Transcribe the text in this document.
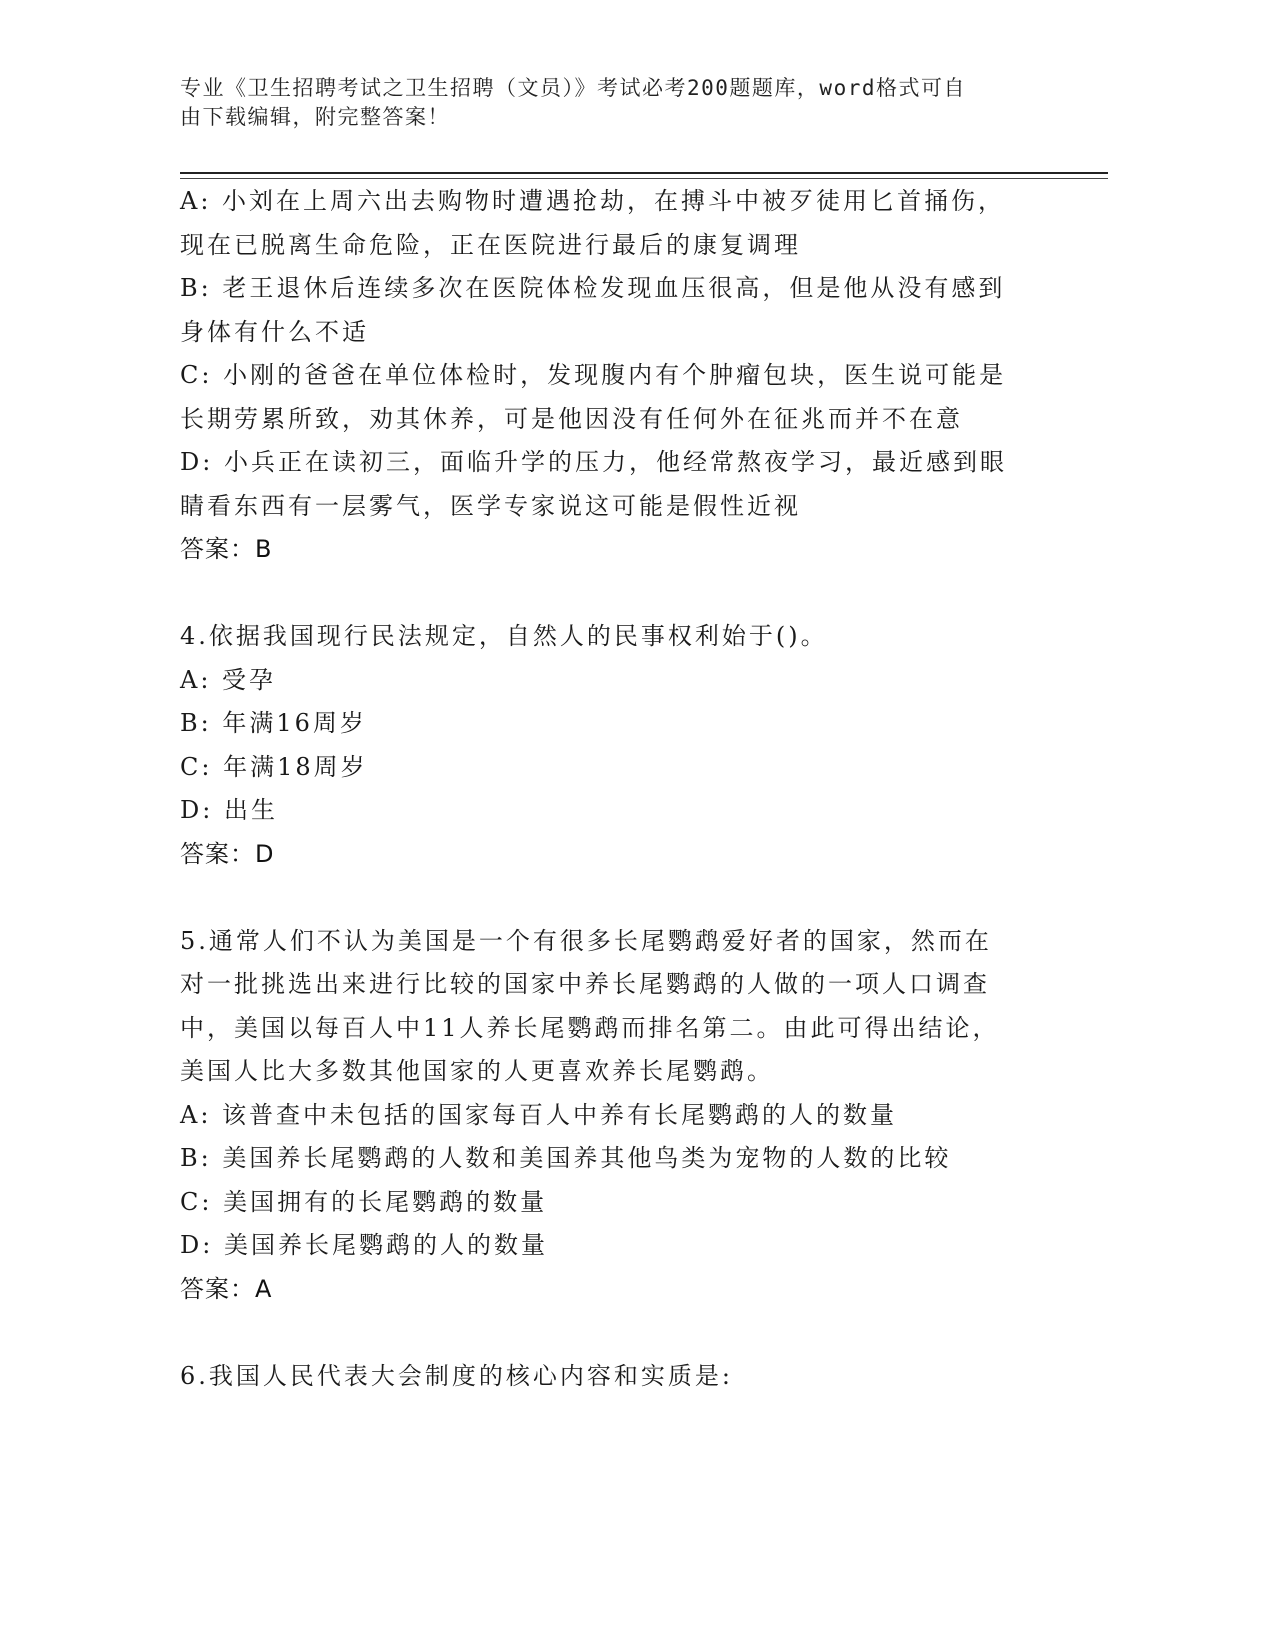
专业《卫生招聘考试之卫生招聘（文员）》考试必考200题题库，word格式可自
由下载编辑，附完整答案！
A: 小刘在上周六出去购物时遭遇抢劫，在搏斗中被歹徒用匕首捅伤，
现在已脱离生命危险，正在医院进行最后的康复调理
B: 老王退休后连续多次在医院体检发现血压很高，但是他从没有感到
身体有什么不适
C: 小刚的爸爸在单位体检时，发现腹内有个肿瘤包块，医生说可能是
长期劳累所致，劝其休养，可是他因没有任何外在征兆而并不在意
D: 小兵正在读初三，面临升学的压力，他经常熬夜学习，最近感到眼
睛看东西有一层雾气，医学专家说这可能是假性近视
答案：B
4.依据我国现行民法规定，自然人的民事权利始于()。
A: 受孕
B: 年满16周岁
C: 年满18周岁
D: 出生
答案：D
5.通常人们不认为美国是一个有很多长尾鹦鹉爱好者的国家，然而在
对一批挑选出来进行比较的国家中养长尾鹦鹉的人做的一项人口调查
中，美国以每百人中11人养长尾鹦鹉而排名第二。由此可得出结论，
美国人比大多数其他国家的人更喜欢养长尾鹦鹉。
A: 该普查中未包括的国家每百人中养有长尾鹦鹉的人的数量
B: 美国养长尾鹦鹉的人数和美国养其他鸟类为宠物的人数的比较
C: 美国拥有的长尾鹦鹉的数量
D: 美国养长尾鹦鹉的人的数量
答案：A
6.我国人民代表大会制度的核心内容和实质是:
